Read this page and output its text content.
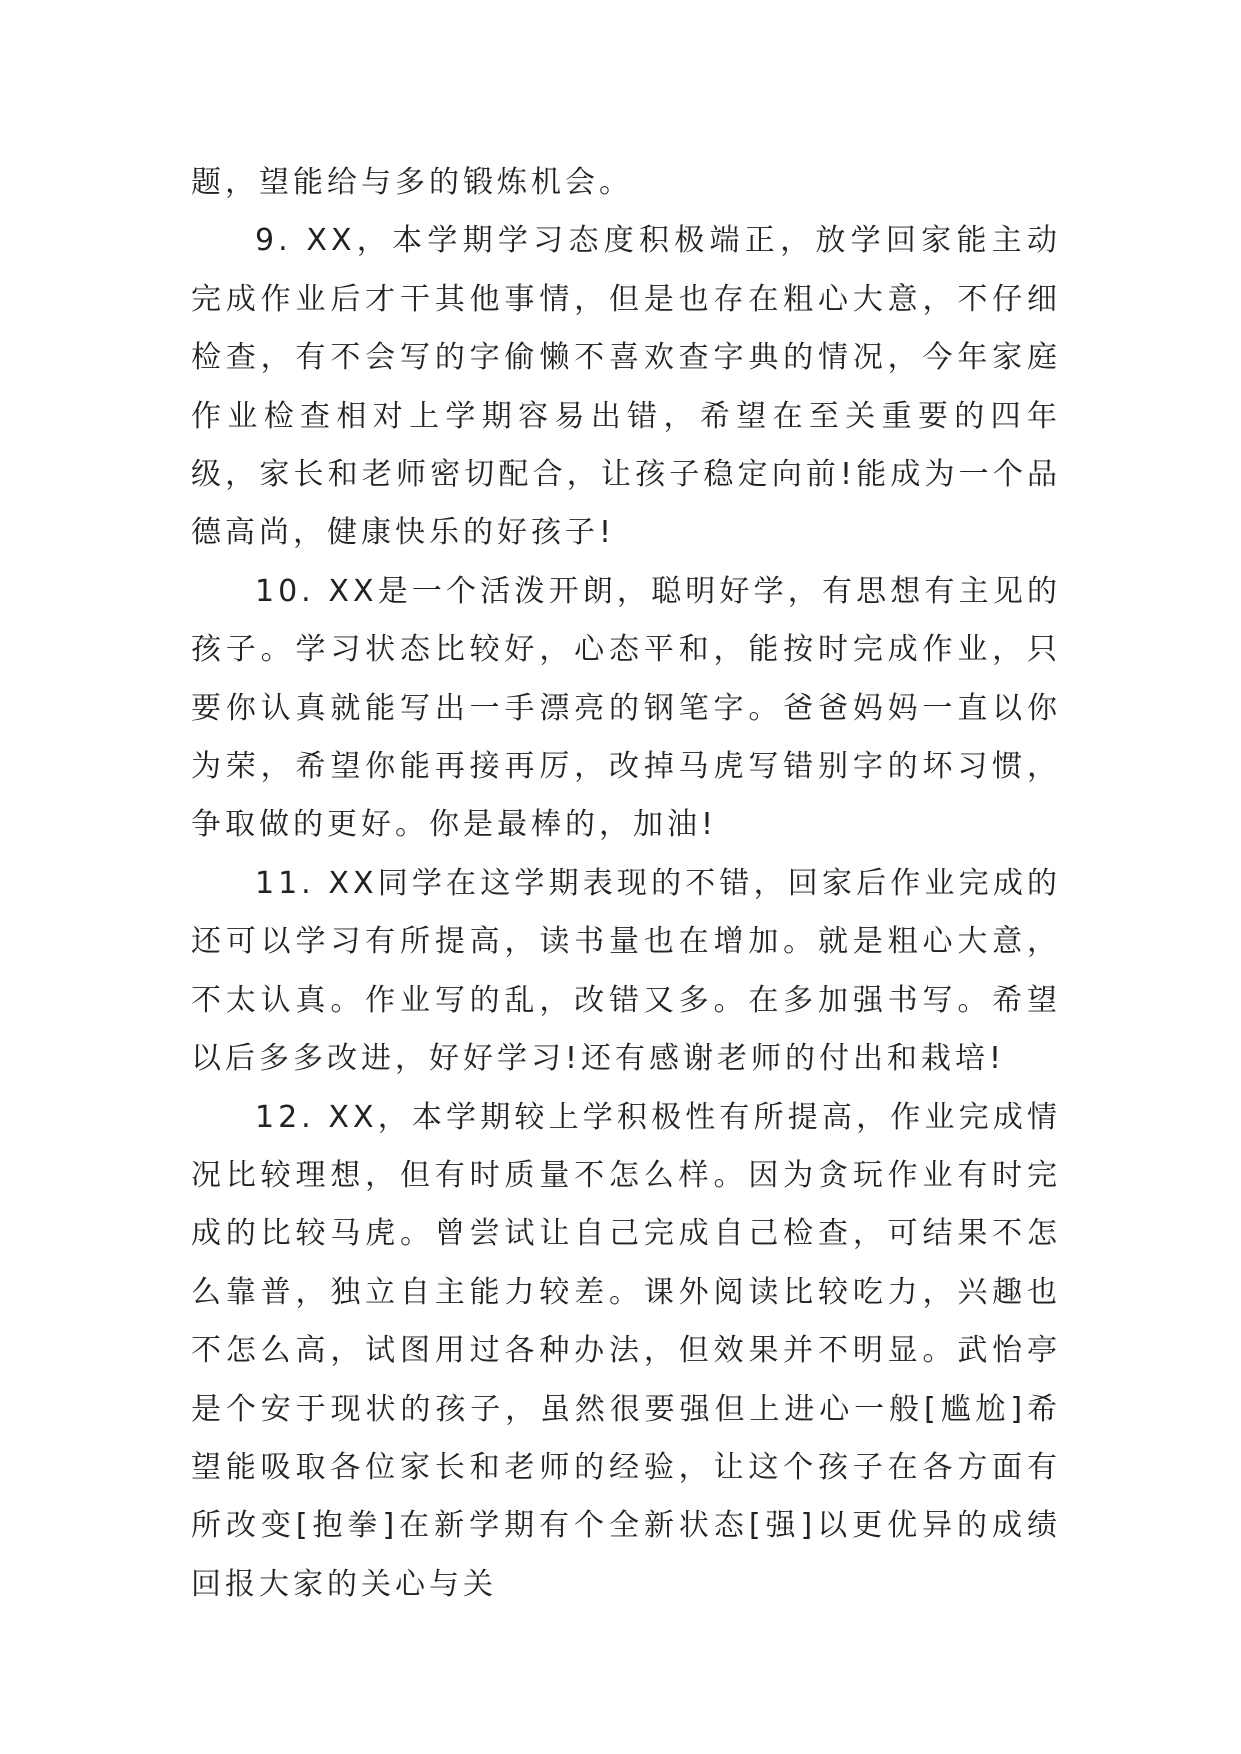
题，望能给与多的锻炼机会。

9. XX，本学期学习态度积极端正，放学回家能主动完成作业后才干其他事情，但是也存在粗心大意，不仔细检查，有不会写的字偷懒不喜欢查字典的情况，今年家庭作业检查相对上学期容易出错，希望在至关重要的四年级，家长和老师密切配合，让孩子稳定向前!能成为一个品德高尚，健康快乐的好孩子!

10. XX是一个活泼开朗，聪明好学，有思想有主见的孩子。学习状态比较好，心态平和，能按时完成作业，只要你认真就能写出一手漂亮的钢笔字。爸爸妈妈一直以你为荣，希望你能再接再厉，改掉马虎写错别字的坏习惯，争取做的更好。你是最棒的，加油!

11. XX同学在这学期表现的不错，回家后作业完成的还可以学习有所提高，读书量也在增加。就是粗心大意，不太认真。作业写的乱，改错又多。在多加强书写。希望以后多多改进，好好学习!还有感谢老师的付出和栽培!

12. XX，本学期较上学积极性有所提高，作业完成情况比较理想，但有时质量不怎么样。因为贪玩作业有时完成的比较马虎。曾尝试让自己完成自己检查，可结果不怎么靠普，独立自主能力较差。课外阅读比较吃力，兴趣也不怎么高，试图用过各种办法，但效果并不明显。武怡亭是个安于现状的孩子，虽然很要强但上进心一般[尴尬]希望能吸取各位家长和老师的经验，让这个孩子在各方面有所改变[抱拳]在新学期有个全新状态[强]以更优异的成绩回报大家的关心与关
